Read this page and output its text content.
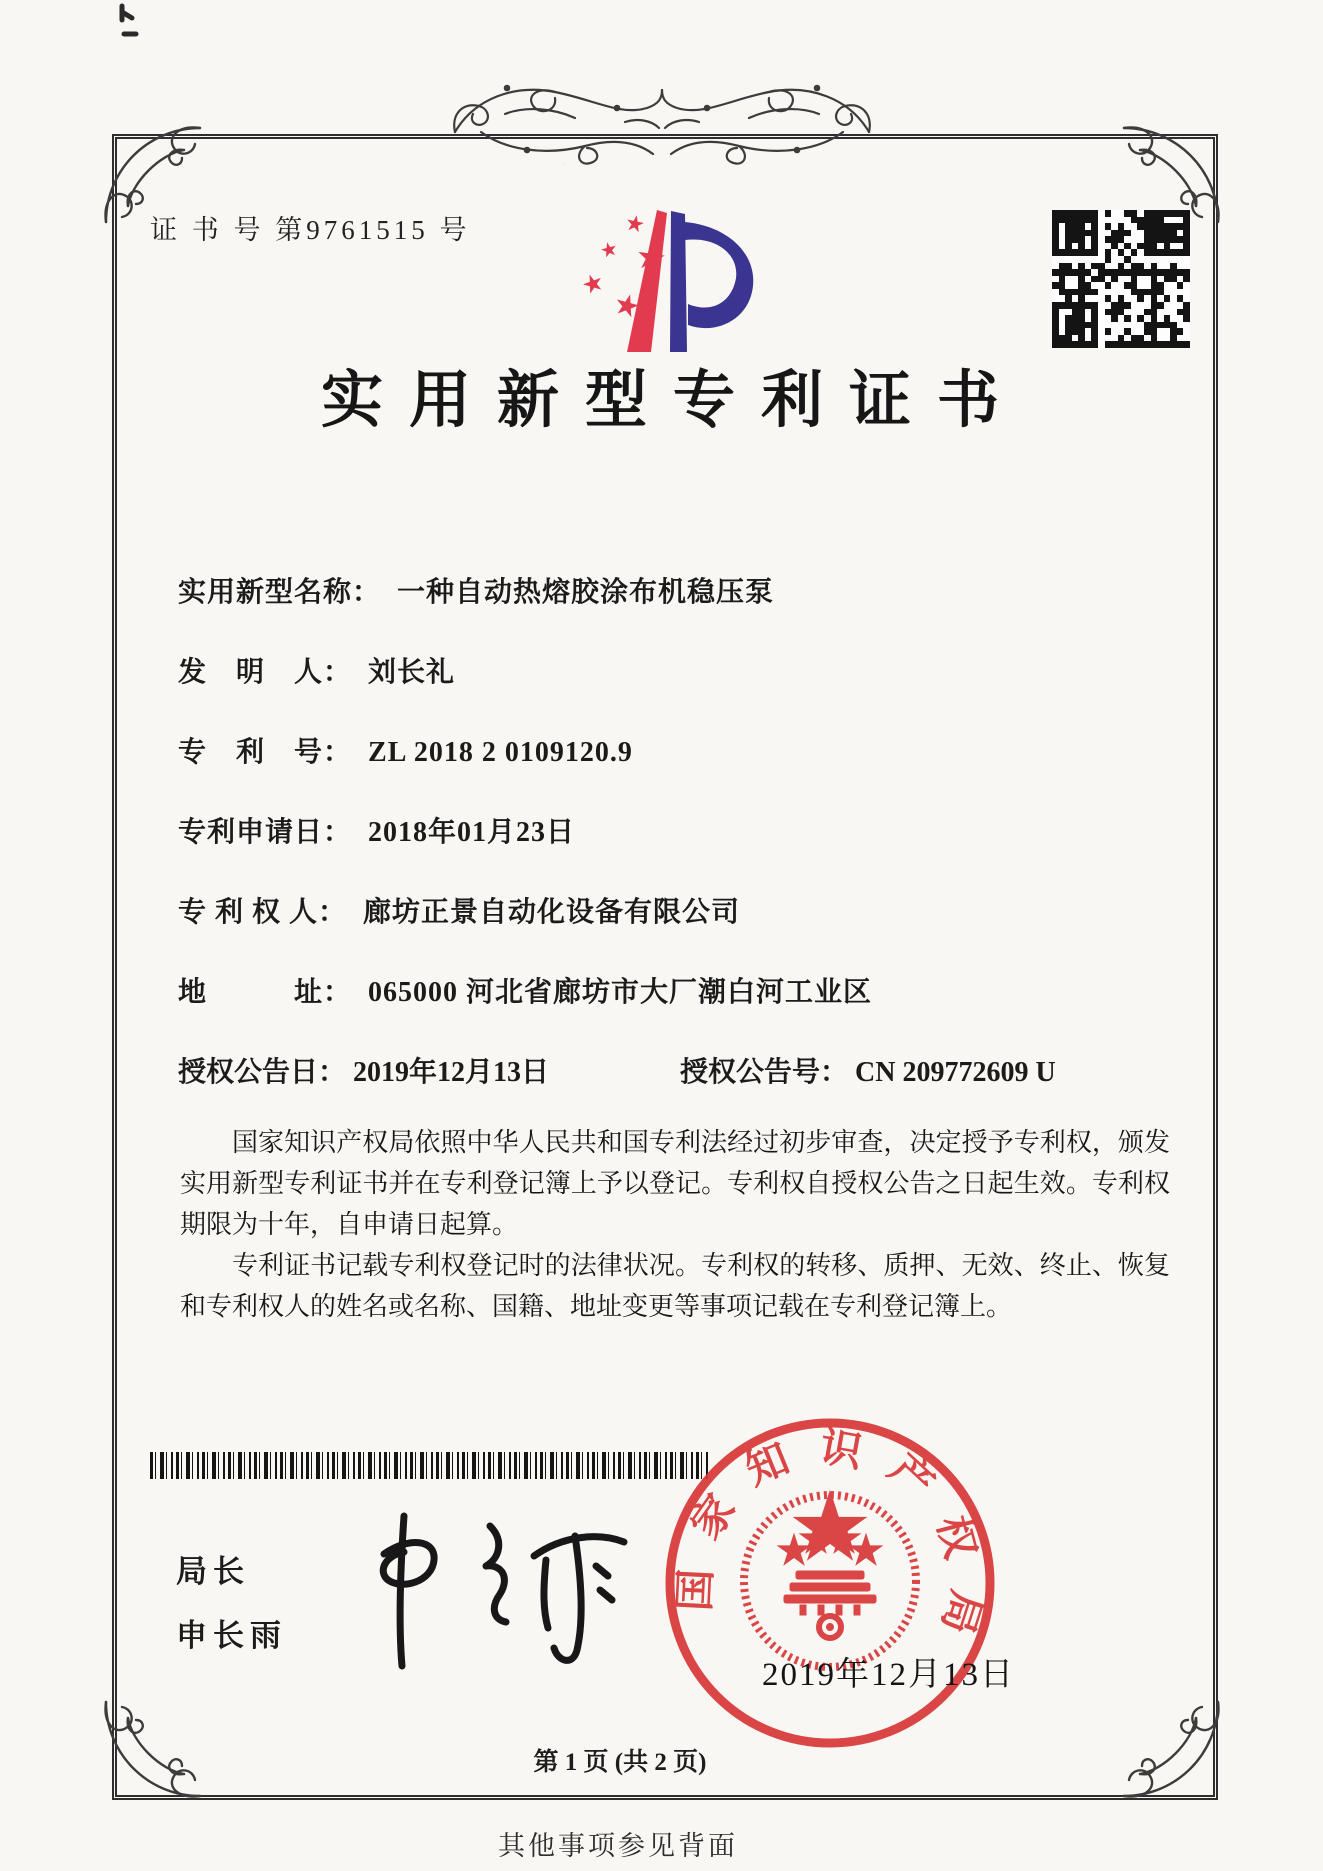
证 书 号 第9761515 号
实用新型专利证书
实用新型名称： 一种自动热熔胶涂布机稳压泵
发　明　人： 刘长礼
专　利　号： ZL 2018 2 0109120.9
专利申请日： 2018年01月23日
专 利 权 人： 廊坊正景自动化设备有限公司
地　　　址： 065000 河北省廊坊市大厂潮白河工业区
授权公告日： 2019年12月13日	授权公告号： CN 209772609 U

国家知识产权局依照中华人民共和国专利法经过初步审查，决定授予专利权，颁发实用新型专利证书并在专利登记簿上予以登记。专利权自授权公告之日起生效。专利权期限为十年，自申请日起算。

专利证书记载专利权登记时的法律状况。专利权的转移、质押、无效、终止、恢复和专利权人的姓名或名称、国籍、地址变更等事项记载在专利登记簿上。

局长
申长雨
国家知识产权局
2019年12月13日
第 1 页 (共 2 页)
其他事项参见背面
